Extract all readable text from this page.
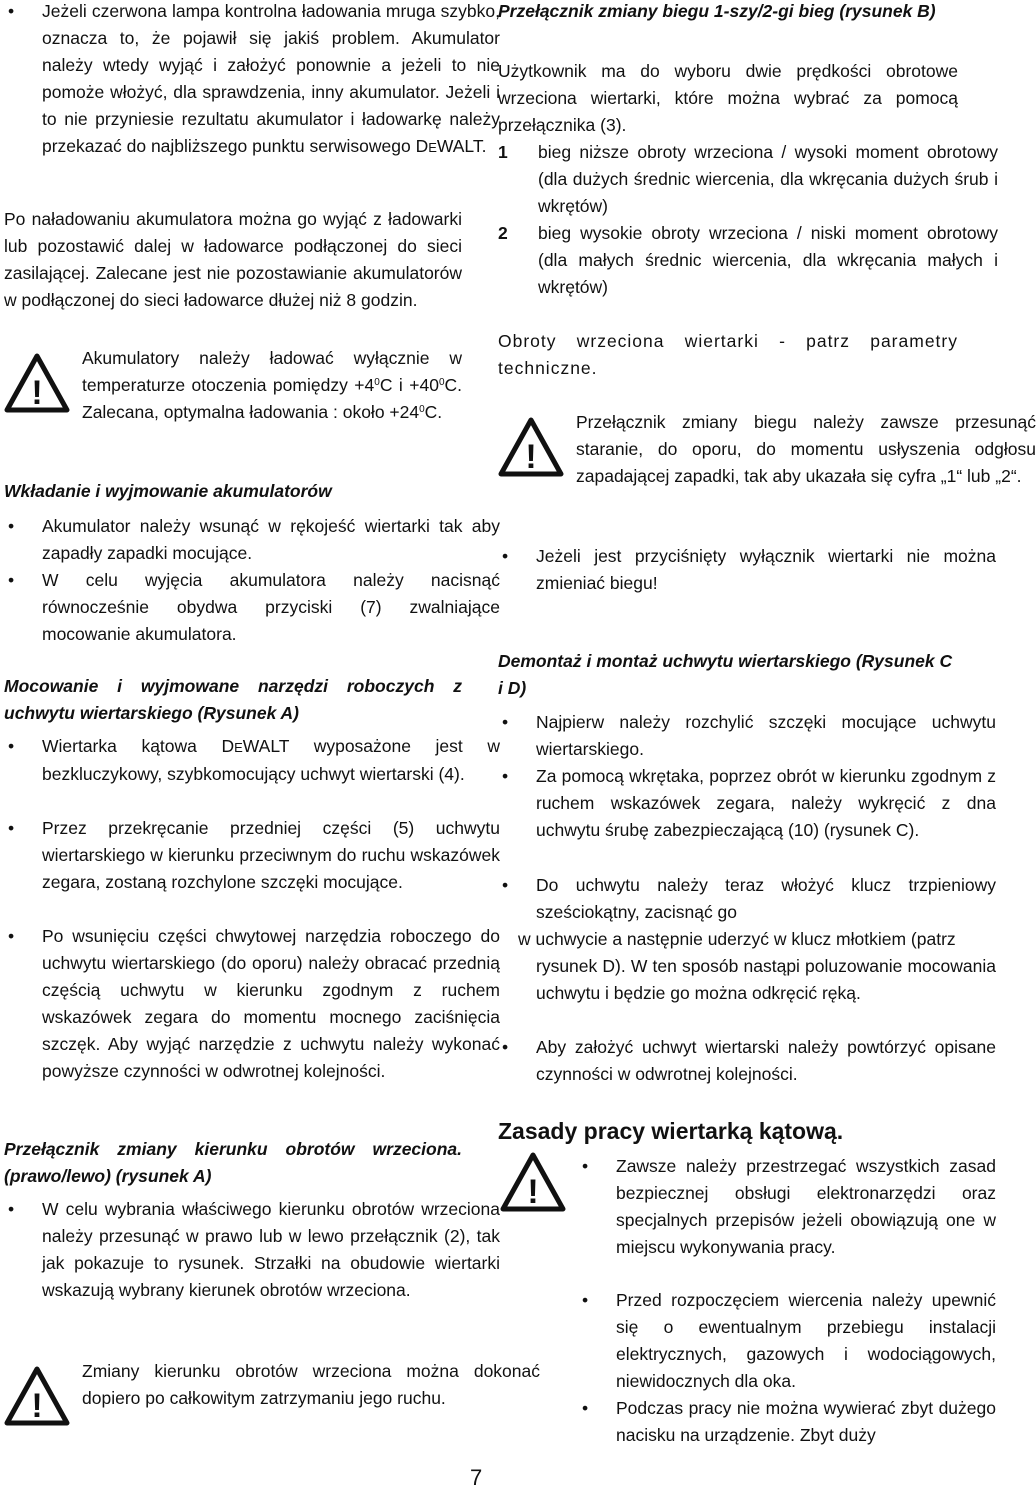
• Jeżeli czerwona lampa kontrolna ładowania mruga szybko, oznacza to, że pojawił się jakiś problem. Akumulator należy wtedy wyjąć i założyć ponownie a jeżeli to nie pomoże włożyć, dla sprawdzenia, inny akumulator. Jeżeli i to nie przyniesie rezultatu akumulator i ładowarkę należy przekazać do najbliższego punktu serwisowego DEWALT.
Po naładowaniu akumulatora można go wyjąć z ładowarki lub pozostawić dalej w ładowarce podłączonej do sieci zasilającej. Zalecane jest nie pozostawianie akumulatorów w podłączonej do sieci ładowarce dłużej niż 8 godzin.
!
Akumulatory należy ładować wyłącznie w temperaturze otoczenia pomiędzy $+4^0C$ $i +40^0C$. Zalecana, optymalna ładowania : około $+24^0C$.
Wkładanie i wyjmowanie akumulatorów
• Akumulator należy wsunąć w rękojeść wiertarki tak aby zapadły zapadki mocujące.
• W celu wyjęcia akumulatora należy nacisnąć równocześnie obydwa przyciski (7) zwalniające mocowanie akumulatora.
Mocowanie i wyjmowane narzędzi roboczych z uchwytu wiertarskiego (Rysunek A)
• Wiertarka kątowa DEWALT wyposażone jest w bezkluczykowy, szybkomocujący uchwyt wiertarski (4).
• Przez przekręcanie przedniej części (5) uchwytu wiertarskiego w kierunku przeciwnym do ruchu wskazówek zegara, zostaną rozchylone szczęki mocujące.
• Po wsunięciu części chwytowej narzędzia roboczego do uchwytu wiertarskiego (do oporu) należy obracać przednią częścią uchwytu w kierunku zgodnym z ruchem wskazówek zegara do momentu mocnego zaciśnięcia szczęk. Aby wyjąć narzędzie z uchwytu należy wykonać powyższe czynności w odwrotnej kolejności.
Przełącznik zmiany kierunku obrotów wrzeciona. (prawo/lewo) (rysunek A)
• W celu wybrania właściwego kierunku obrotów wrzeciona należy przesunąć w prawo lub w lewo przełącznik (2), tak jak pokazuje to rysunek. Strzałki na obudowie wiertarki wskazują wybrany kierunek obrotów wrzeciona.
!
Zmiany kierunku obrotów wrzeciona można dokonać dopiero po całkowitym zatrzymaniu jego ruchu.
Przełącznik zmiany biegu 1-szy/2-gi bieg (rysunek B)
Użytkownik ma do wyboru dwie prędkości obrotowe wrzeciona wiertarki, które można wybrać za pomocą przełącznika (3).
1 bieg niższe obroty wrzeciona / wysoki moment obrotowy (dla dużych średnic wiercenia, dla wkręcania dużych śrub i wkrętów)
2 bieg wysokie obroty wrzeciona / niski moment obrotowy (dla małych średnic wiercenia, dla wkręcania małych i wkrętów)
Obroty wrzeciona wiertarki - patrz parametry techniczne.
!
Przełącznik zmiany biegu należy zawsze przesunąć staranie, do oporu, do momentu usłyszenia odgłosu zapadającej zapadki, tak aby ukazała się cyfra „1“ lub „2“.
• Jeżeli jest przyciśnięty wyłącznik wiertarki nie można zmieniać biegu!
Demontaż i montaż uchwytu wiertarskiego (Rysunek C i D)
• Najpierw należy rozchylić szczęki mocujące uchwytu wiertarskiego.
• Za pomocą wkrętaka, poprzez obrót w kierunku zgodnym z ruchem wskazówek zegara, należy wykręcić z dna uchwytu śrubę zabezpieczającą (10) (rysunek C).
• Do uchwytu należy teraz włożyć klucz trzpieniowy sześciokątny, zacisnąć go
w uchwycie a następnie uderzyć w klucz młotkiem (patrz
rysunek D). W ten sposób nastąpi poluzowanie mocowania uchwytu i będzie go można odkręcić ręką.
• Aby założyć uchwyt wiertarski należy powtórzyć opisane czynności w odwrotnej kolejności.
Zasady pracy wiertarką kątową.
!
• Zawsze należy przestrzegać wszystkich zasad bezpiecznej obsługi elektronarzędzi oraz specjalnych przepisów jeżeli obowiązują one w miejscu wykonywania pracy.
• Przed rozpoczęciem wiercenia należy upewnić się o ewentualnym przebiegu instalacji elektrycznych, gazowych i wodociągowych, niewidocznych dla oka.
• Podczas pracy nie można wywierać zbyt dużego nacisku na urządzenie. Zbyt duży
7
